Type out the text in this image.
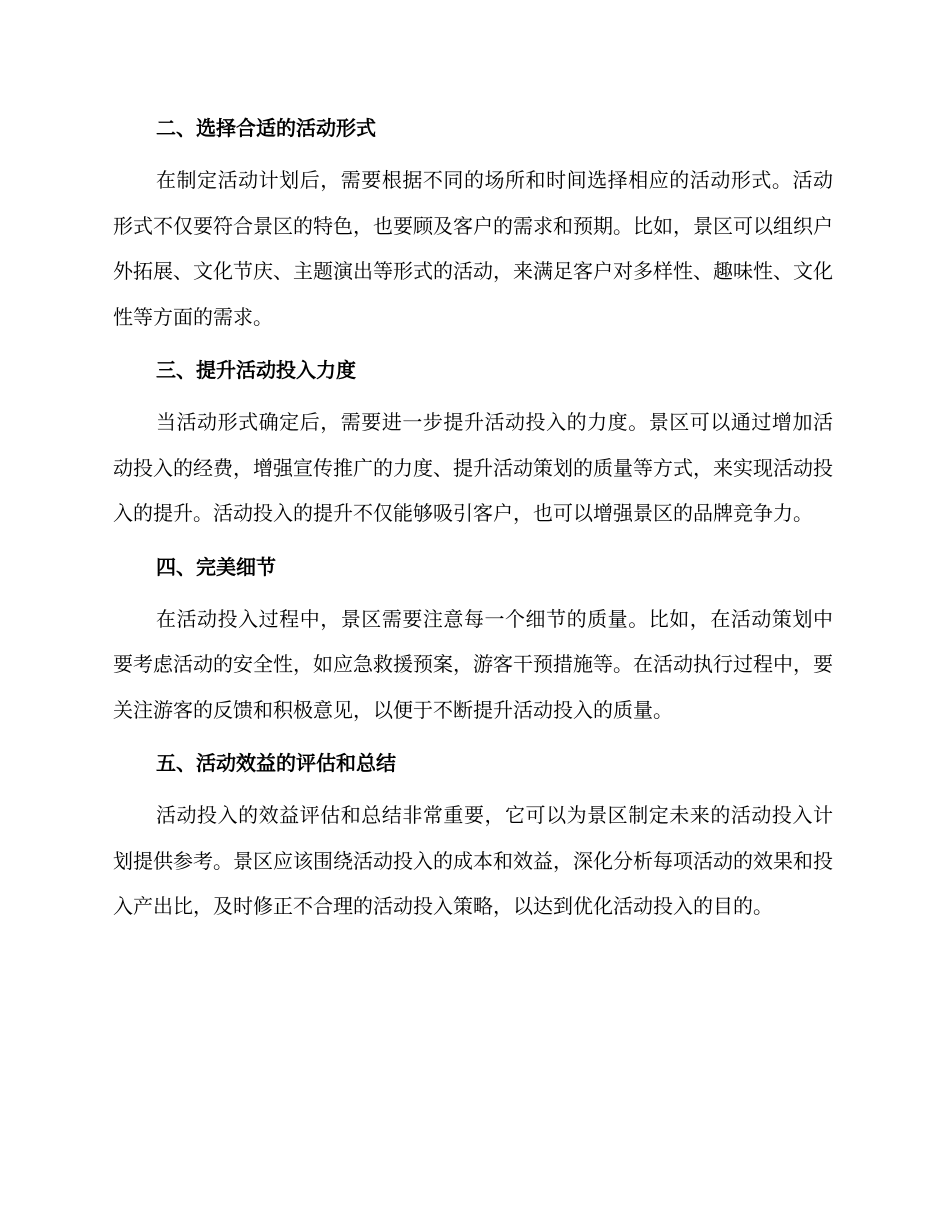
二、选择合适的活动形式

在制定活动计划后，需要根据不同的场所和时间选择相应的活动形式。活动形式不仅要符合景区的特色，也要顾及客户的需求和预期。比如，景区可以组织户外拓展、文化节庆、主题演出等形式的活动，来满足客户对多样性、趣味性、文化性等方面的需求。

三、提升活动投入力度

当活动形式确定后，需要进一步提升活动投入的力度。景区可以通过增加活动投入的经费，增强宣传推广的力度、提升活动策划的质量等方式，来实现活动投入的提升。活动投入的提升不仅能够吸引客户，也可以增强景区的品牌竞争力。

四、完美细节

在活动投入过程中，景区需要注意每一个细节的质量。比如，在活动策划中要考虑活动的安全性，如应急救援预案，游客干预措施等。在活动执行过程中，要关注游客的反馈和积极意见，以便于不断提升活动投入的质量。

五、活动效益的评估和总结

活动投入的效益评估和总结非常重要，它可以为景区制定未来的活动投入计划提供参考。景区应该围绕活动投入的成本和效益，深化分析每项活动的效果和投入产出比，及时修正不合理的活动投入策略，以达到优化活动投入的目的。
